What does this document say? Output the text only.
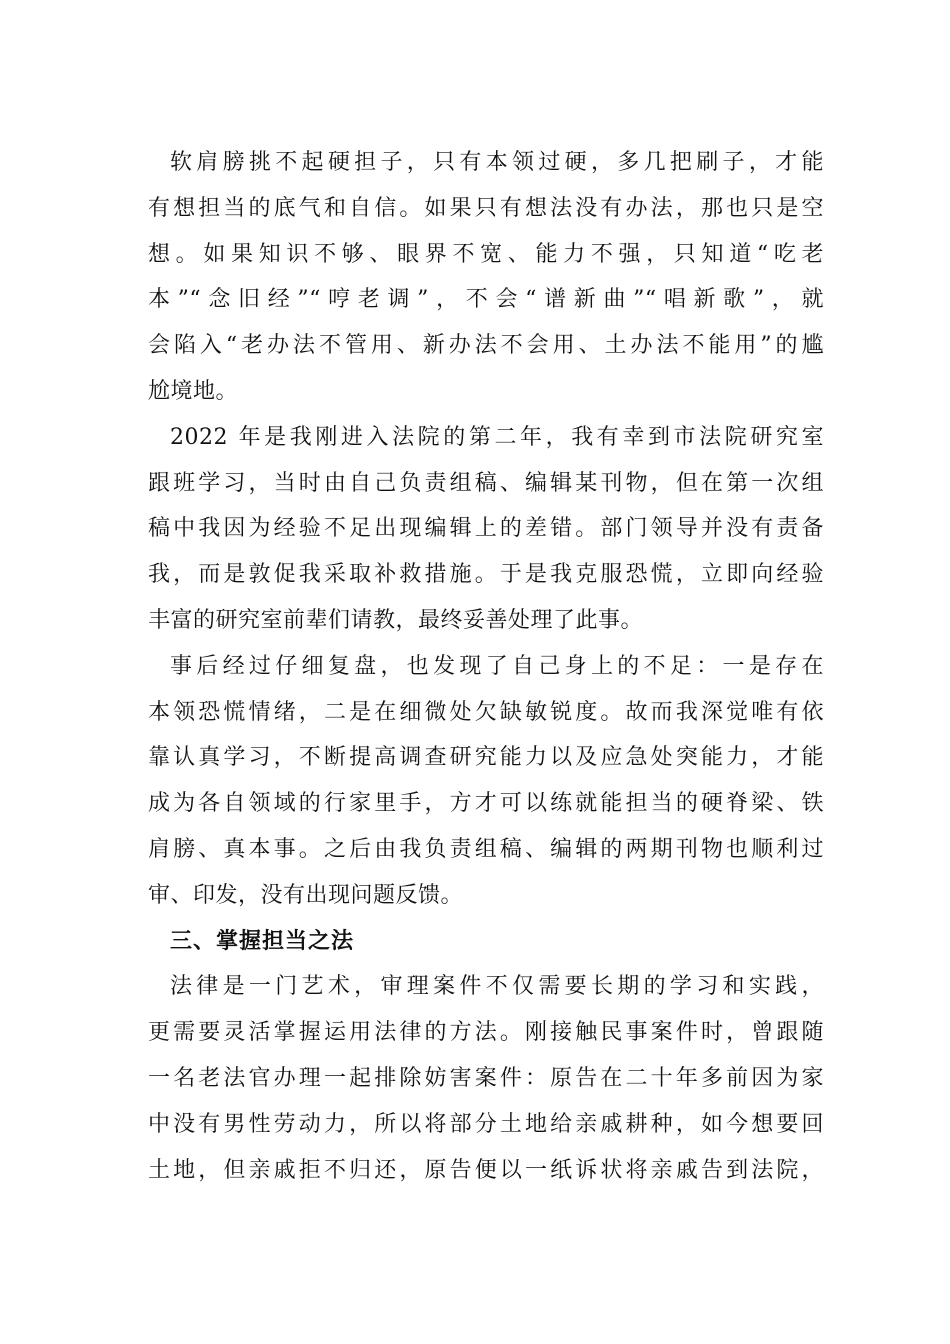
软肩膀挑不起硬担子，只有本领过硬，多几把刷子，才能
有想担当的底气和自信。如果只有想法没有办法，那也只是空
想。如果知识不够、眼界不宽、能力不强，只知道“吃老
本”“念旧经”“哼老调”，不会“谱新曲”“唱新歌”，就
会陷入“老办法不管用、新办法不会用、土办法不能用”的尴
尬境地。
2022 年是我刚进入法院的第二年，我有幸到市法院研究室
跟班学习，当时由自己负责组稿、编辑某刊物，但在第一次组
稿中我因为经验不足出现编辑上的差错。部门领导并没有责备
我，而是敦促我采取补救措施。于是我克服恐慌，立即向经验
丰富的研究室前辈们请教，最终妥善处理了此事。
事后经过仔细复盘，也发现了自己身上的不足：一是存在
本领恐慌情绪，二是在细微处欠缺敏锐度。故而我深觉唯有依
靠认真学习，不断提高调查研究能力以及应急处突能力，才能
成为各自领域的行家里手，方才可以练就能担当的硬脊梁、铁
肩膀、真本事。之后由我负责组稿、编辑的两期刊物也顺利过
审、印发，没有出现问题反馈。
三、掌握担当之法
法律是一门艺术，审理案件不仅需要长期的学习和实践，
更需要灵活掌握运用法律的方法。刚接触民事案件时，曾跟随
一名老法官办理一起排除妨害案件：原告在二十年多前因为家
中没有男性劳动力，所以将部分土地给亲戚耕种，如今想要回
土地，但亲戚拒不归还，原告便以一纸诉状将亲戚告到法院，
